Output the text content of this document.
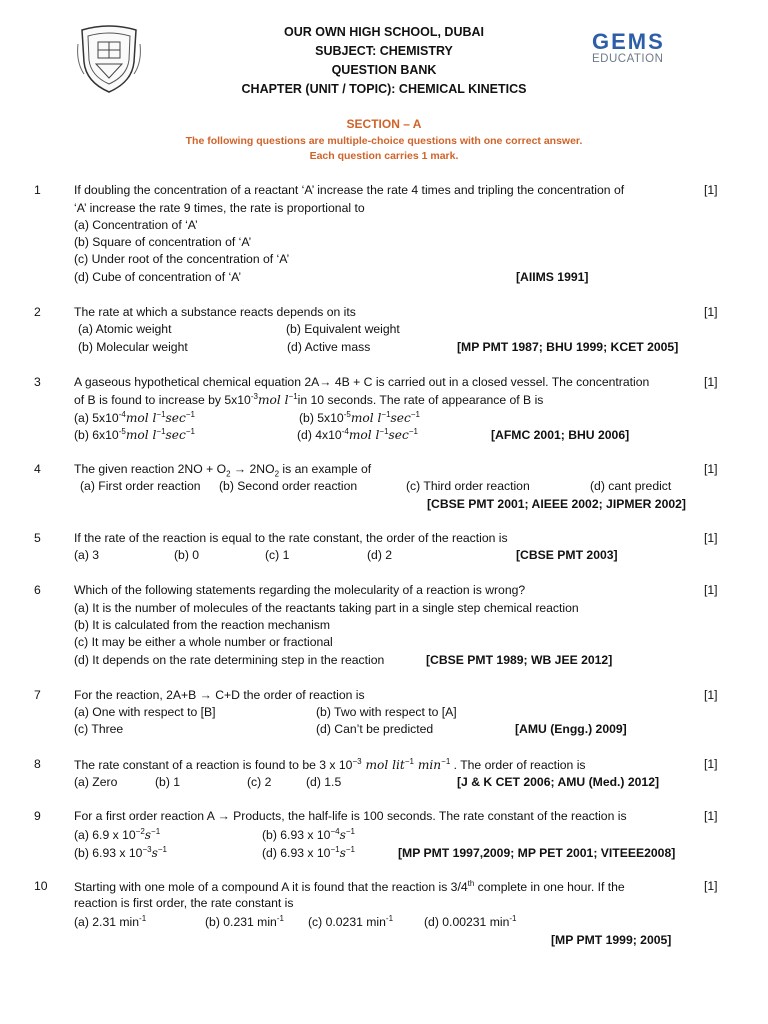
GEMS
EDUCATION
OUR OWN HIGH SCHOOL, DUBAI
SUBJECT: CHEMISTRY
QUESTION BANK
CHAPTER (UNIT / TOPIC): CHEMICAL KINETICS
SECTION – A
The following questions are multiple-choice questions with one correct answer.
Each question carries 1 mark.
1	[1]
If doubling the concentration of a reactant ‘A’ increase the rate 4 times and tripling the concentration of
‘A’ increase the rate 9 times, the rate is proportional to
(a) Concentration of ‘A’
(b) Square of concentration of ‘A’
(c) Under root of the concentration of ‘A’
(d) Cube of concentration of ‘A’	[AIIMS 1991]
2	[1]
The rate at which a substance reacts depends on its
(a) Atomic weight	(b) Equivalent weight
(b) Molecular weight	(d) Active mass	[MP PMT 1987; BHU 1999; KCET 2005]
3	[1]
A gaseous hypothetical chemical equation 2A→ 4B + C is carried out in a closed vessel. The concentration
of B is found to increase by $5x10^{-3}mol$ $l^{-1}in$ 10 seconds. The rate of appearance of B is
(a) $5x10^{-4}mol$ $l^{-1}\sec^{-1}$	(b) $5x10^{-5}mol$ $l^{-1}\sec^{-1}$
(b) $6x10^{-5}mol$ $l^{-1}\sec^{-1}$	(d) $4x10^{-4}mol$ $l^{-1}\sec^{-1}$	[AFMC 2001; BHU 2006]
4	[1]
The given reaction $2NO + O_2 \to 2NO_2$ is an example of
(a) First order reaction (b) Second order reaction	(c) Third order reaction	(d) cant predict
[CBSE PMT 2001; AIEEE 2002; JIPMER 2002]
5	[1]
If the rate of the reaction is equal to the rate constant, the order of the reaction is
(a) 3	(b) 0	(c) 1	(d) 2	[CBSE PMT 2003]
6	[1]
Which of the following statements regarding the molecularity of a reaction is wrong?
(a) It is the number of molecules of the reactants taking part in a single step chemical reaction
(b) It is calculated from the reaction mechanism
(c) It may be either a whole number or fractional
(d) It depends on the rate determining step in the reaction	[CBSE PMT 1989; WB JEE 2012]
7	[1]
For the reaction, 2A+B → C+D the order of reaction is
(a) One with respect to [B]	(b) Two with respect to [A]
(c) Three	(d) Can’t be predicted	[AMU (Engg.) 2009]
8	[1]
The rate constant of a reaction is found to be 3 x $10^{-3}$ mol lit$^{-1}$ $\min^{-1}$ . The order of reaction is
(a) Zero	(b) 1	(c) 2	(d) 1.5	[J & K CET 2006; AMU (Med.) 2012]
9	[1]
For a first order reaction A → Products, the half-life is 100 seconds. The rate constant of the reaction is
(a) 6.9 x $10^{-2}s^{-1}$	(b) 6.93 x $10^{-4}s^{-1}$
(b) 6.93 x $10^{-3}s^{-1}$	(d) 6.93 x $10^{-1}s^{-1}$	[MP PMT 1997,2009; MP PET 2001; VITEEE2008]
10	[1]
Starting with one mole of a compound A it is found that the reaction is 3/4th complete in one hour. If the
reaction is first order, the rate constant is
(a) 2.31 $\min^{-1}$	(b) 0.231 $\min^{-1} (c)$ 0.0231 $\min^{-1}$	(d) 0.00231 $\min^{-1}$
[MP PMT 1999; 2005]
